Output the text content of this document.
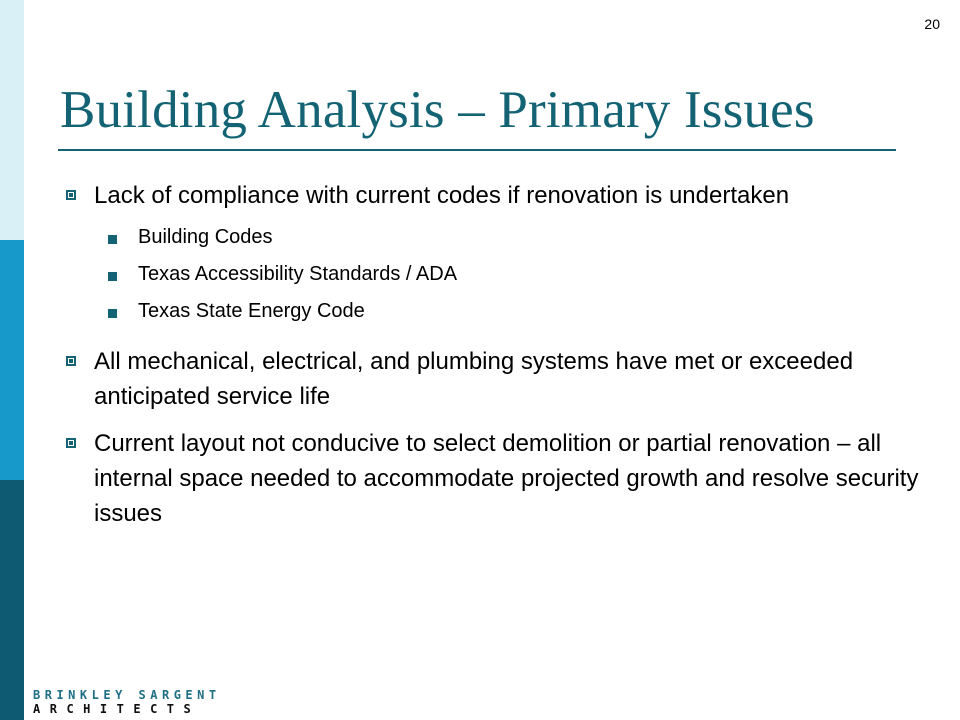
20
Building Analysis – Primary Issues
Lack of compliance with current codes if renovation is undertaken
Building Codes
Texas Accessibility Standards / ADA
Texas State Energy Code
All mechanical, electrical, and plumbing systems have met or exceeded anticipated service life
Current layout not conducive to select demolition or partial renovation – all internal space needed to accommodate projected growth and resolve security issues
BRINKLEY SARGENT
ARCHITECTS
